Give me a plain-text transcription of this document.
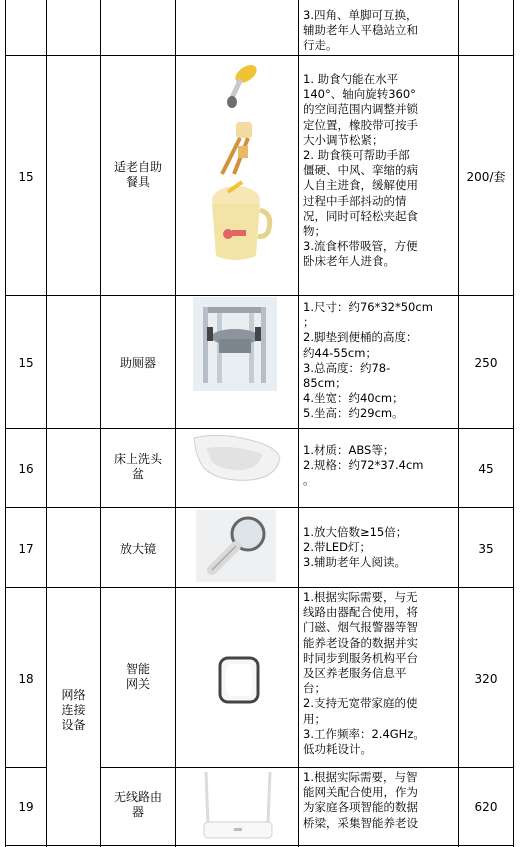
3.四角、单脚可互换，
辅助老年人平稳站立和
行走。
15
适老自助
餐具
1. 助食勺能在水平
140°、轴向旋转360°
的空间范围内调整并锁
定位置，橡胶带可按手
大小调节松紧；
2. 助食筷可帮助手部
僵硬、中风、挛缩的病
人自主进食，缓解使用
过程中手部抖动的情
况，同时可轻松夹起食
物；
3.流食杯带吸管，方便
卧床老年人进食。
200/套
15	助厕器
1.尺寸：约76*32*50cm
；
2.脚垫到便桶的高度：
约44-55cm；
3.总高度：约78-
85cm；
4.坐宽：约40cm；
5.坐高：约29cm。
250
16
床上洗头
盆
1.材质：ABS等；
2.规格：约72*37.4cm
。
45
17	放大镜
1.放大倍数≥15倍；
2.带LED灯；
3.辅助老年人阅读。
35
网络
连接
设备
18
智能
网关
1.根据实际需要，与无
线路由器配合使用，将
门磁、烟气报警器等智
能养老设备的数据并实
时同步到服务机构平台
及区养老服务信息平
台；
2.支持无宽带家庭的使
用；
3.工作频率：2.4GHz。
低功耗设计。
320
19
无线路由
器
1.根据实际需要，与智
能网关配合使用，作为
为家庭各项智能的数据
桥梁，采集智能养老设
620
